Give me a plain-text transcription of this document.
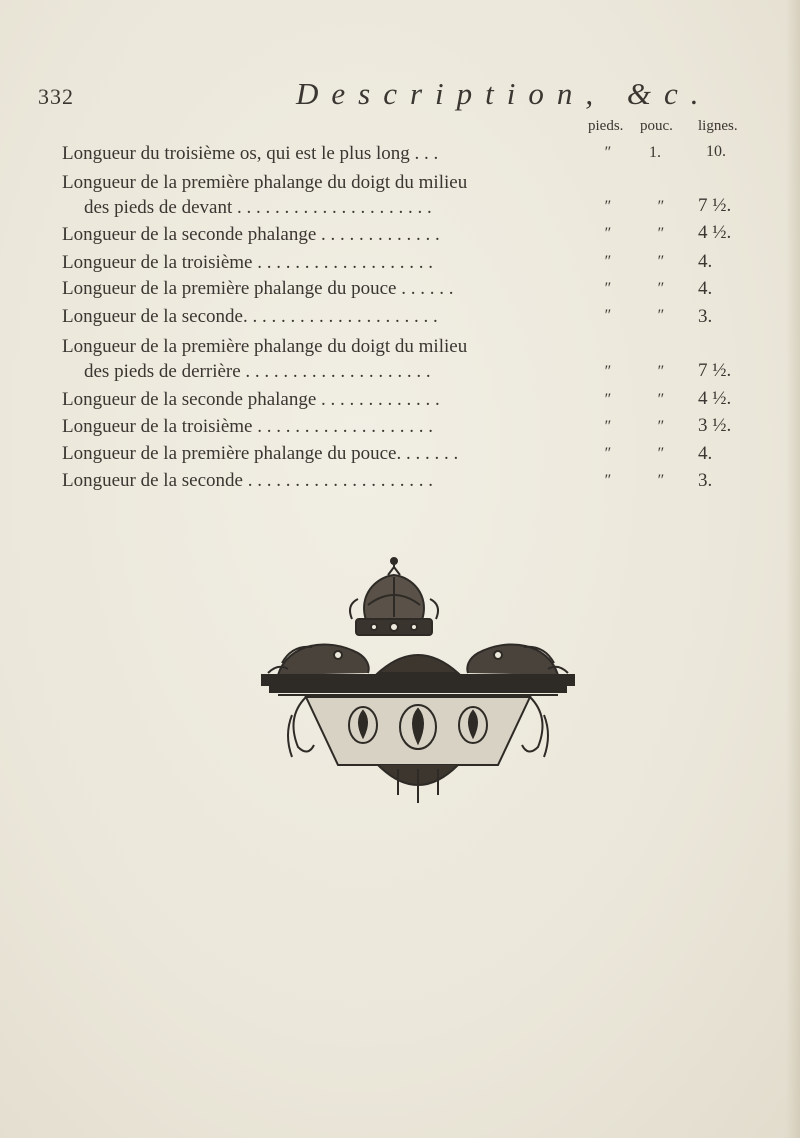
332	Description, &c.
pieds. pouc. lignes.
Longueur du troisième os, qui est le plus long . . .	″	1.	10.
Longueur de la première phalange du doigt du milieu
des pieds de devant . . . . . . . . . . . . . . . . . . . . .	″	″	7 ½.
Longueur de la seconde phalange . . . . . . . . . . . . .	″	″	4 ½.
Longueur de la troisième . . . . . . . . . . . . . . . . . . .	″	″	4.
Longueur de la première phalange du pouce . . . . . .	″	″	4.
Longueur de la seconde. . . . . . . . . . . . . . . . . . . . .	″	″	3.
Longueur de la première phalange du doigt du milieu
des pieds de derrière . . . . . . . . . . . . . . . . . . . .	″	″	7 ½.
Longueur de la seconde phalange . . . . . . . . . . . . .	″	″	4 ½.
Longueur de la troisième . . . . . . . . . . . . . . . . . . .	″	″	3 ½.
Longueur de la première phalange du pouce. . . . . . .	″	″	4.
Longueur de la seconde . . . . . . . . . . . . . . . . . . . .	″	″	3.
